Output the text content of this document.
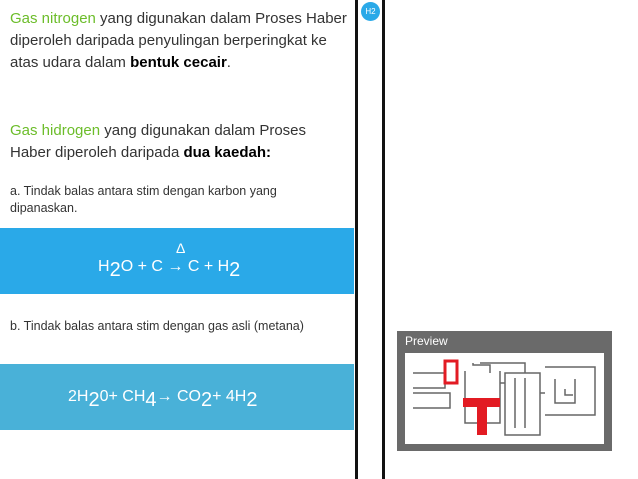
Gas nitrogen yang digunakan dalam Proses Haber diperoleh daripada penyulingan berperingkat ke atas udara dalam bentuk cecair.

Gas hidrogen yang digunakan dalam Proses Haber diperoleh daripada dua kaedah:

a. Tindak balas antara stim dengan karbon yang dipanaskan.
Δ
$H_2O + C \to C + H_2$
b. Tindak balas antara stim dengan gas asli (metana)
$2H_20+ CH_4\to CO_2+ 4H_2$
H2
Preview
